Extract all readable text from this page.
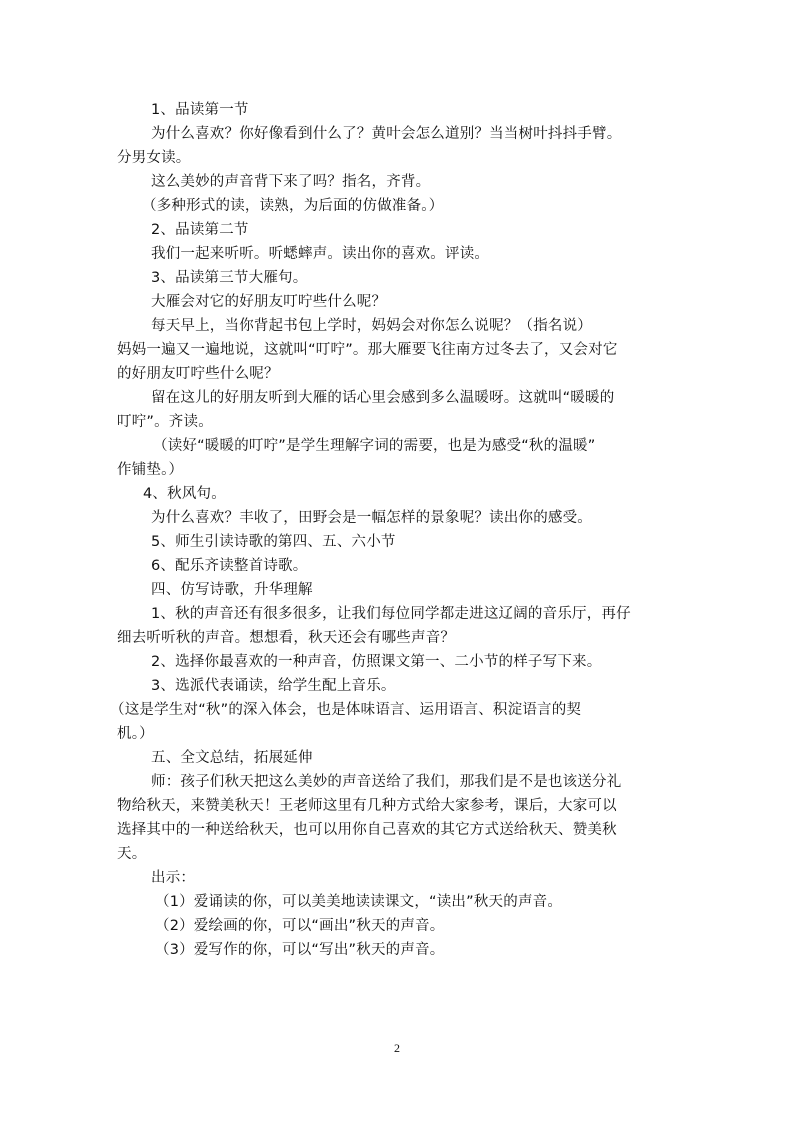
1、品读第一节
为什么喜欢？你好像看到什么了？黄叶会怎么道别？当当树叶抖抖手臂。
分男女读。
这么美妙的声音背下来了吗？指名，齐背。
（多种形式的读，读熟，为后面的仿做准备。）
2、品读第二节
我们一起来听听。听蟋蟀声。读出你的喜欢。评读。
3、品读第三节大雁句。
大雁会对它的好朋友叮咛些什么呢？
每天早上，当你背起书包上学时，妈妈会对你怎么说呢？（指名说）
妈妈一遍又一遍地说，这就叫“叮咛”。那大雁要飞往南方过冬去了，又会对它
的好朋友叮咛些什么呢？
留在这儿的好朋友听到大雁的话心里会感到多么温暖呀。这就叫“暖暖的
叮咛”。齐读。
（读好“暖暖的叮咛”是学生理解字词的需要，也是为感受“秋的温暖”
作铺垫。）
4、秋风句。
为什么喜欢？丰收了，田野会是一幅怎样的景象呢？读出你的感受。
5、师生引读诗歌的第四、五、六小节
6、配乐齐读整首诗歌。
四、仿写诗歌，升华理解
1、秋的声音还有很多很多，让我们每位同学都走进这辽阔的音乐厅，再仔
细去听听秋的声音。想想看，秋天还会有哪些声音？
2、选择你最喜欢的一种声音，仿照课文第一、二小节的样子写下来。
3、选派代表诵读，给学生配上音乐。
（这是学生对“秋”的深入体会，也是体味语言、运用语言、积淀语言的契
机。）
五、全文总结，拓展延伸
师：孩子们秋天把这么美妙的声音送给了我们，那我们是不是也该送分礼
物给秋天，来赞美秋天！王老师这里有几种方式给大家参考，课后，大家可以
选择其中的一种送给秋天，也可以用你自己喜欢的其它方式送给秋天、赞美秋
天。
出示：
（1）爱诵读的你，可以美美地读读课文，“读出”秋天的声音。
（2）爱绘画的你，可以“画出”秋天的声音。
（3）爱写作的你，可以“写出”秋天的声音。
2
